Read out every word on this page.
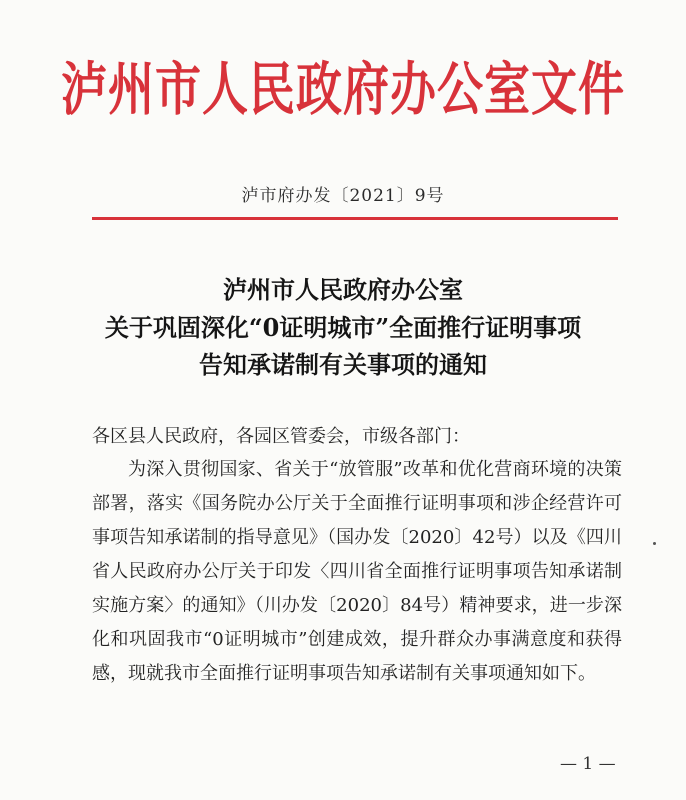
泸州市人民政府办公室文件
泸市府办发〔2021〕9号
泸州市人民政府办公室
关于巩固深化“0证明城市”全面推行证明事项
告知承诺制有关事项的通知
各区县人民政府，各园区管委会，市级各部门：
为深入贯彻国家、省关于“放管服”改革和优化营商环境的决策部署，落实《国务院办公厅关于全面推行证明事项和涉企经营许可事项告知承诺制的指导意见》（国办发〔2020〕42号）以及《四川省人民政府办公厅关于印发〈四川省全面推行证明事项告知承诺制实施方案〉的通知》（川办发〔2020〕84号）精神要求，进一步深化和巩固我市“0证明城市”创建成效，提升群众办事满意度和获得感，现就我市全面推行证明事项告知承诺制有关事项通知如下。
— 1 —
